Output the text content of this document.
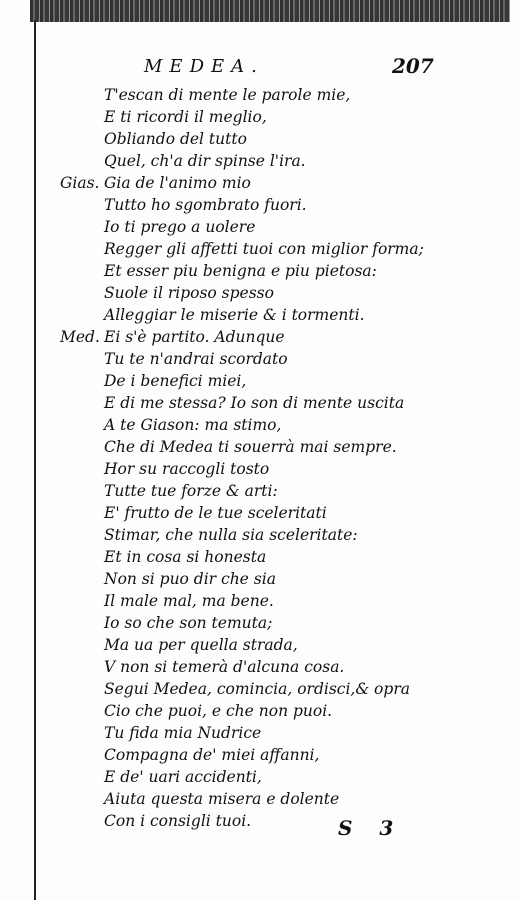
MEDEA.	207
T'escan di mente le parole mie,
E ti ricordi il meglio,
Obliando del tutto
Quel, ch'a dir spinse l'ira.
Gias. Gia de l'animo mio
Tutto ho sgombrato fuori.
Io ti prego a uolere
Regger gli affetti tuoi con miglior forma;
Et esser piu benigna e piu pietosa:
Suole il riposo spesso
Alleggiar le miserie & i tormenti.
Med. Ei s'è partito. Adunque
Tu te n'andrai scordato
De i benefici miei,
E di me stessa? Io son di mente uscita
A te Giason: ma stimo,
Che di Medea ti souerrà mai sempre.
Hor su raccogli tosto
Tutte tue forze & arti:
E' frutto de le tue sceleritati
Stimar, che nulla sia sceleritate:
Et in cosa si honesta
Non si puo dir che sia
Il male mal, ma bene.
Io so che son temuta;
Ma ua per quella strada,
V non si temerà d'alcuna cosa.
Segui Medea, comincia, ordisci,& opra
Cio che puoi, e che non puoi.
Tu fida mia Nudrice
Compagna de' miei affanni,
E de' uari accidenti,
Aiuta questa misera e dolente
Con i consigli tuoi.	S 3
